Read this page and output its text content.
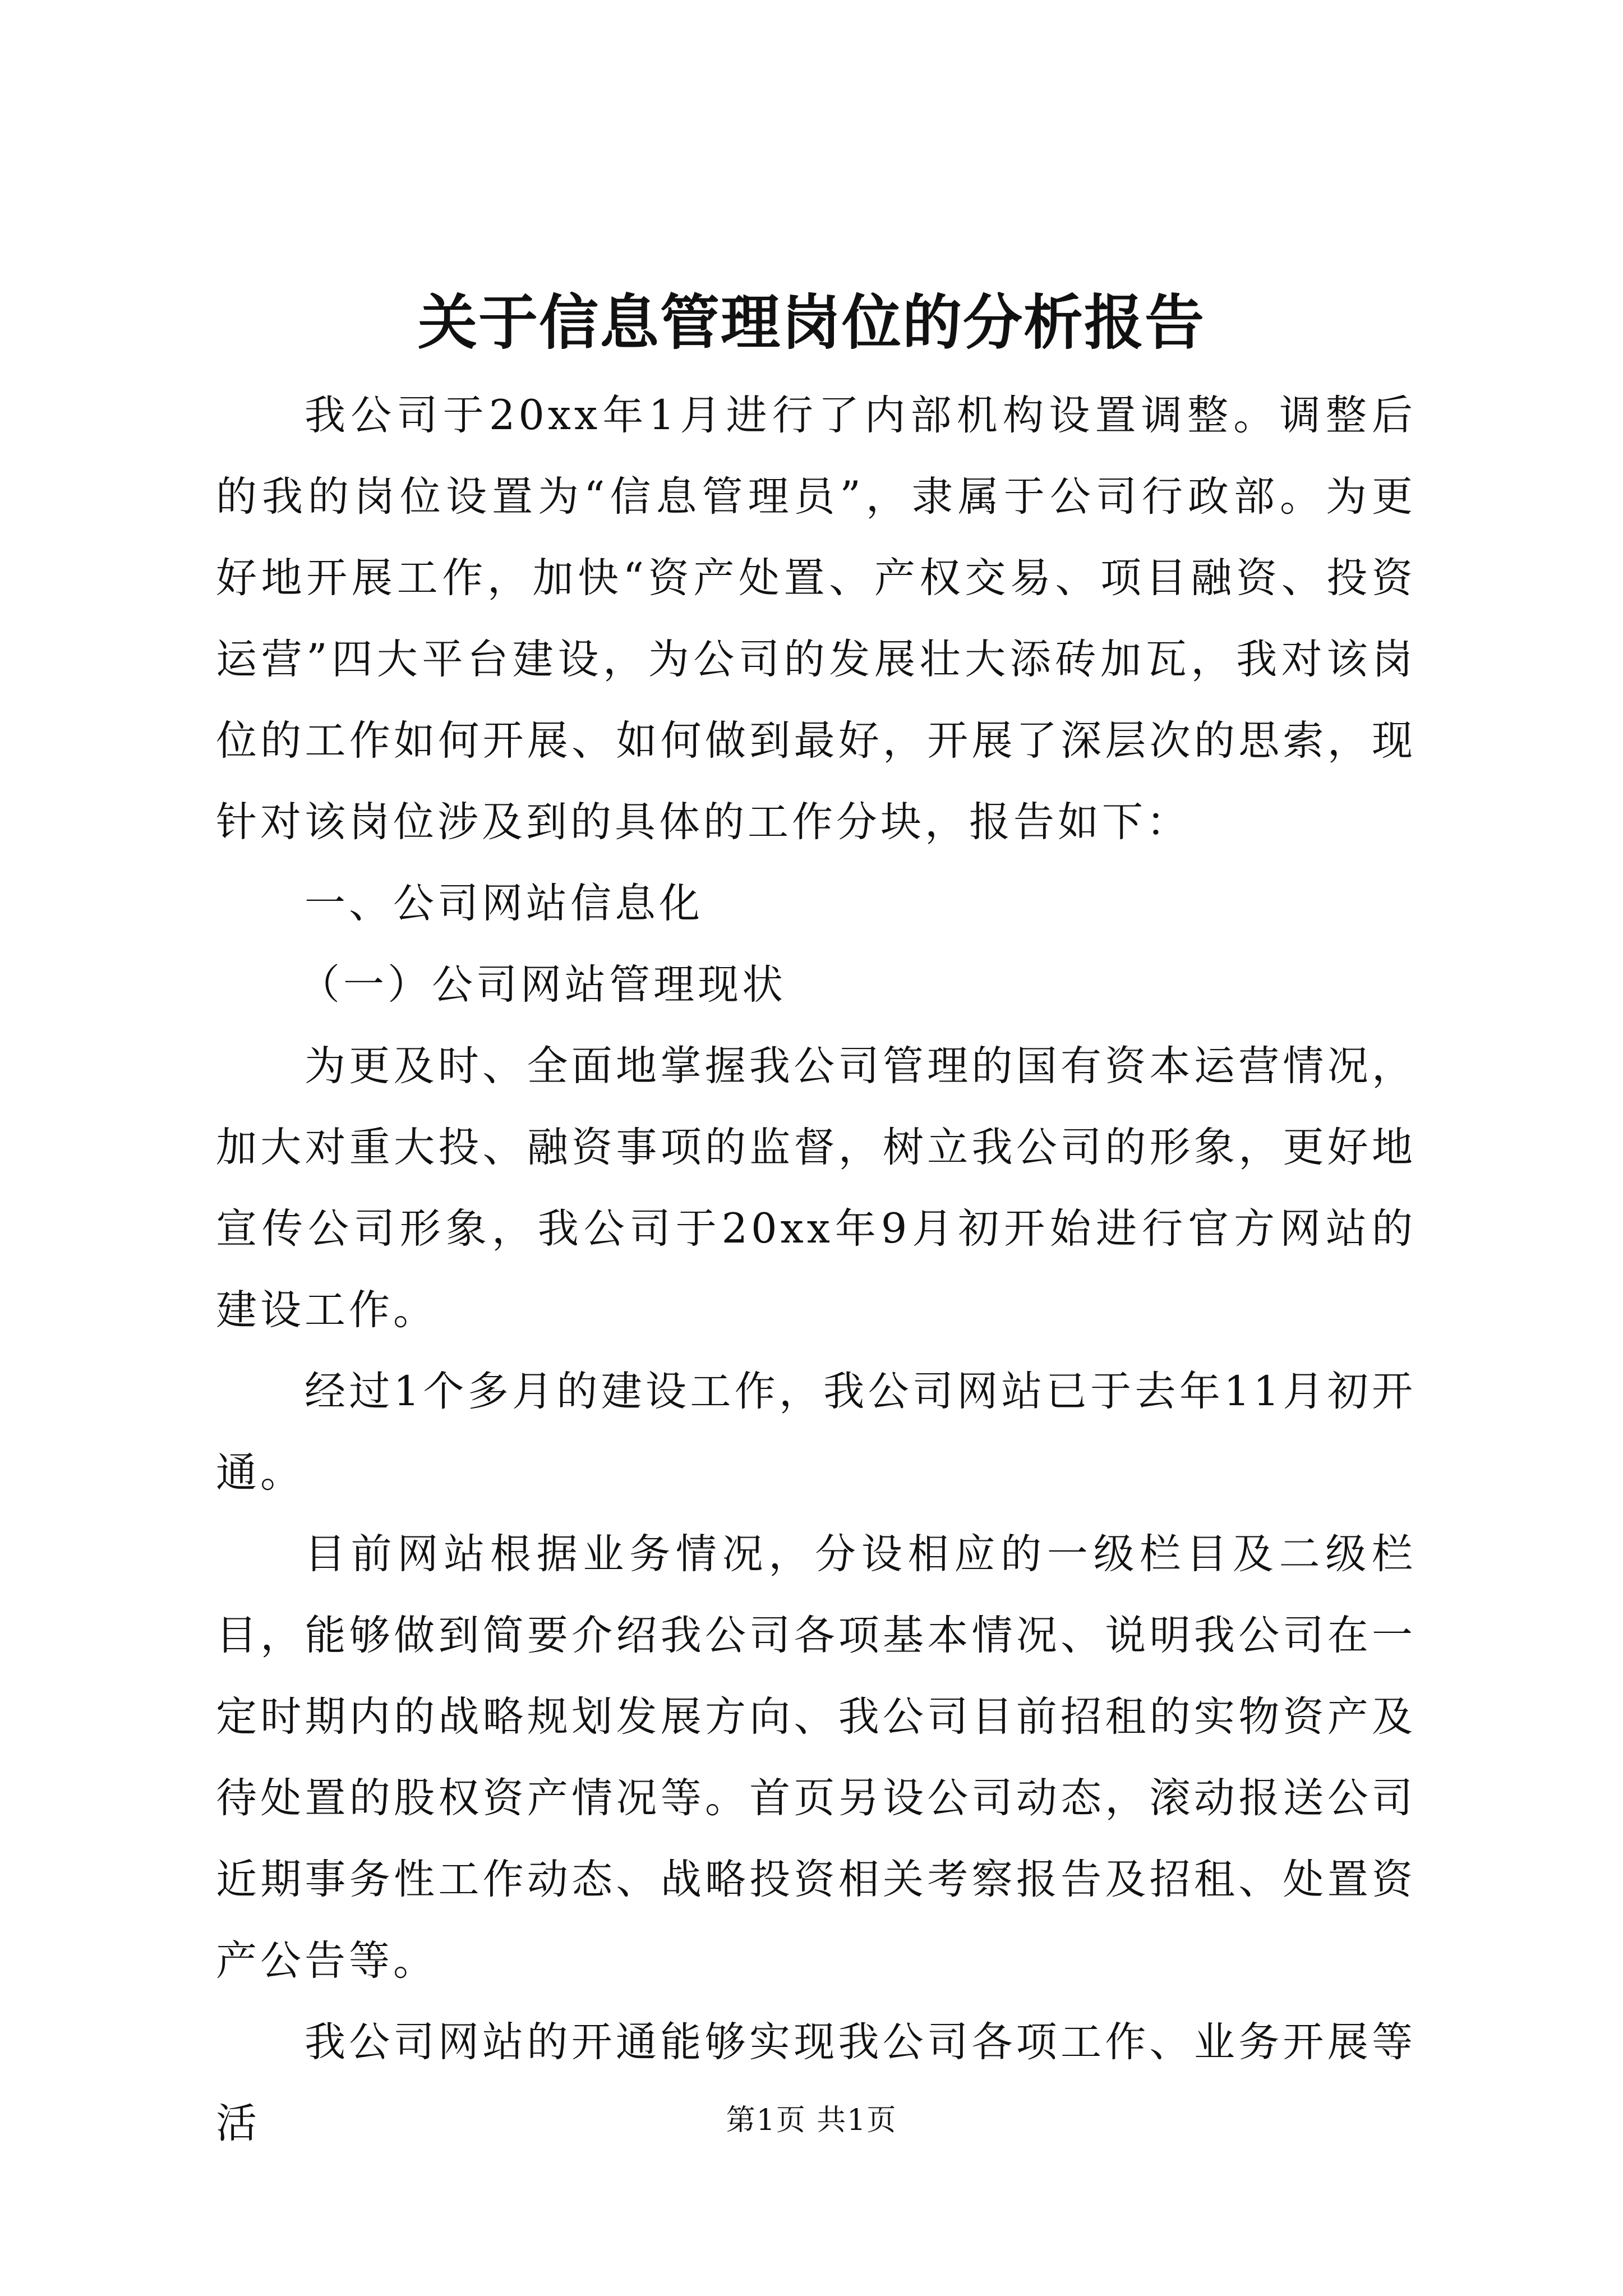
关于信息管理岗位的分析报告

我公司于20xx年1月进行了内部机构设置调整。调整后的我的岗位设置为“信息管理员”，隶属于公司行政部。为更好地开展工作，加快“资产处置、产权交易、项目融资、投资运营”四大平台建设，为公司的发展壮大添砖加瓦，我对该岗位的工作如何开展、如何做到最好，开展了深层次的思索，现针对该岗位涉及到的具体的工作分块，报告如下：

一、公司网站信息化

（一）公司网站管理现状

为更及时、全面地掌握我公司管理的国有资本运营情况，加大对重大投、融资事项的监督，树立我公司的形象，更好地宣传公司形象，我公司于20xx年9月初开始进行官方网站的建设工作。

经过1个多月的建设工作，我公司网站已于去年11月初开通。

目前网站根据业务情况，分设相应的一级栏目及二级栏目，能够做到简要介绍我公司各项基本情况、说明我公司在一定时期内的战略规划发展方向、我公司目前招租的实物资产及待处置的股权资产情况等。首页另设公司动态，滚动报送公司近期事务性工作动态、战略投资相关考察报告及招租、处置资产公告等。

我公司网站的开通能够实现我公司各项工作、业务开展等活	第1页 共1页
